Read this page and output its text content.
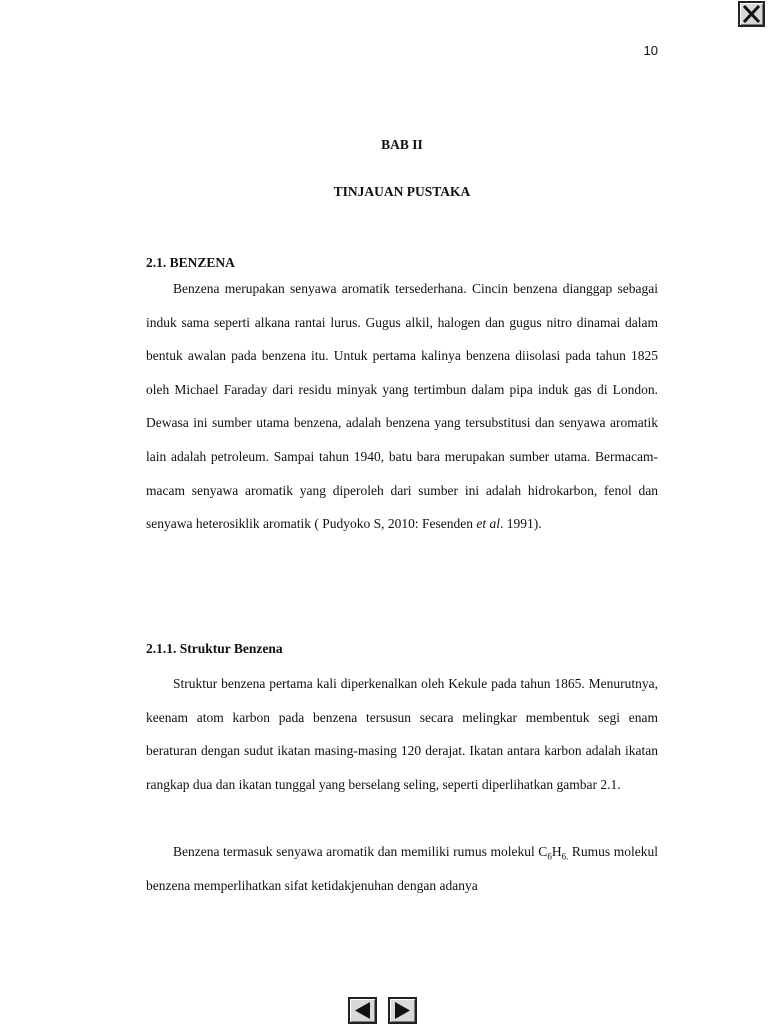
10
BAB II
TINJAUAN PUSTAKA
2.1. BENZENA

Benzena merupakan senyawa aromatik tersederhana. Cincin benzena dianggap sebagai induk sama seperti alkana rantai lurus. Gugus alkil, halogen dan gugus nitro dinamai dalam bentuk awalan pada benzena itu. Untuk pertama kalinya benzena diisolasi pada tahun 1825 oleh Michael Faraday dari residu minyak yang tertimbun dalam pipa induk gas di London. Dewasa ini sumber utama benzena, adalah benzena yang tersubstitusi dan senyawa aromatik lain adalah petroleum. Sampai tahun 1940, batu bara merupakan sumber utama. Bermacam-macam senyawa aromatik yang diperoleh dari sumber ini adalah hidrokarbon, fenol dan senyawa heterosiklik aromatik ( Pudyoko S, 2010: Fesenden et al. 1991).

2.1.1. Struktur Benzena

Struktur benzena pertama kali diperkenalkan oleh Kekule pada tahun 1865. Menurutnya, keenam atom karbon pada benzena tersusun secara melingkar membentuk segi enam beraturan dengan sudut ikatan masing-masing 120 derajat. Ikatan antara karbon adalah ikatan rangkap dua dan ikatan tunggal yang berselang seling, seperti diperlihatkan gambar 2.1.

Benzena termasuk senyawa aromatik dan memiliki rumus molekul $C_6H_{6.}$ Rumus molekul benzena memperlihatkan sifat ketidakjenuhan dengan adanya
